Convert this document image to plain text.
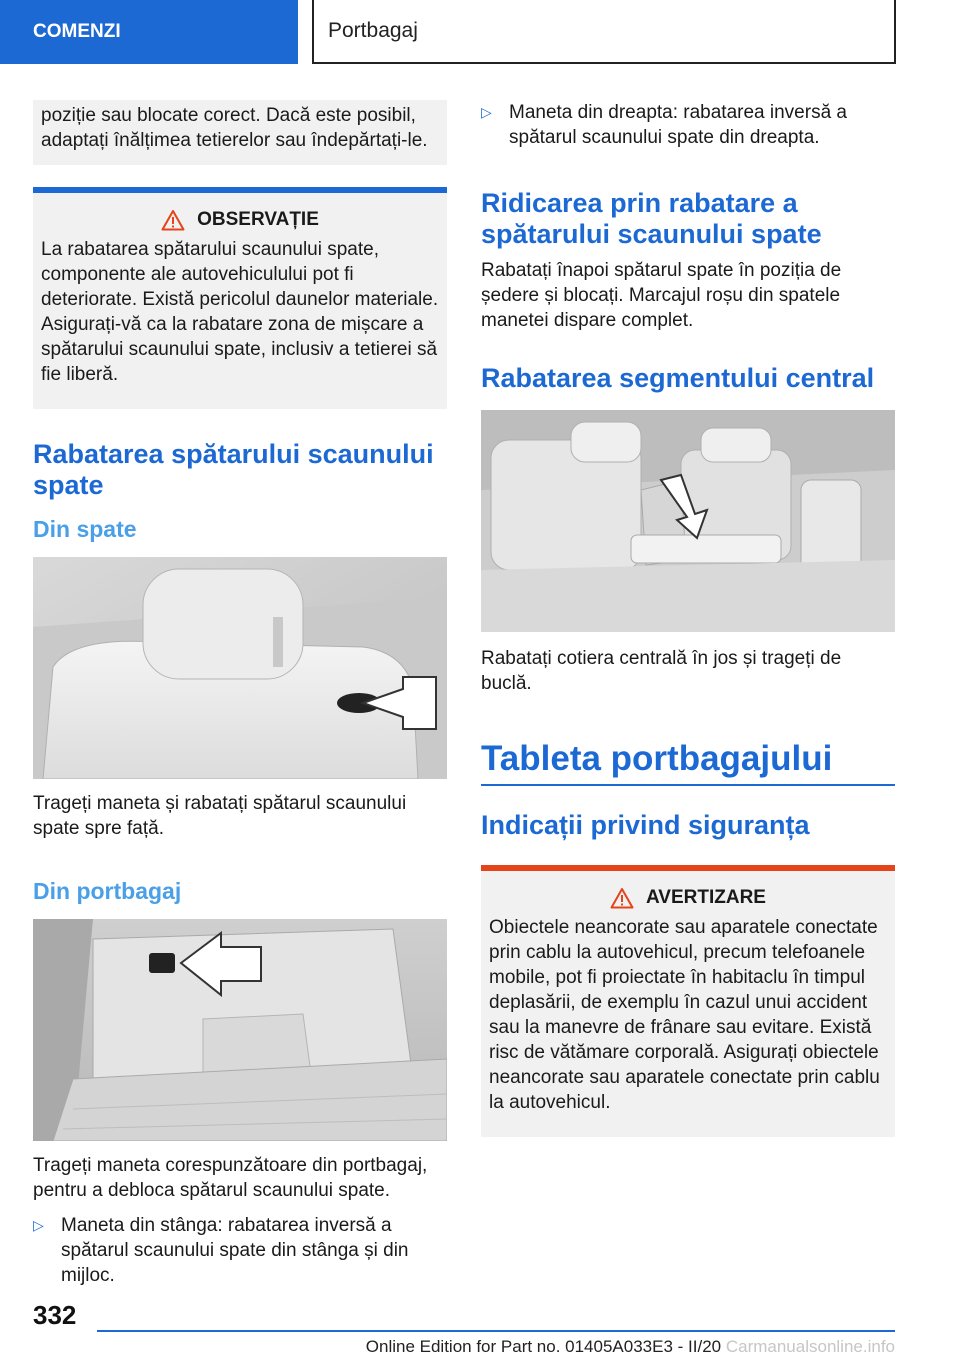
COMENZI	Portbagaj

poziție sau blocate corect. Dacă este posibil, adaptați înălțimea tetierelor sau îndepărtați-le.

OBSERVAȚIE

La rabatarea spătarului scaunului spate, componente ale autovehiculului pot fi deteriorate. Există pericolul daunelor materiale. Asigurați-vă ca la rabatare zona de mișcare a spătarului scaunului spate, inclusiv a tetierei să fie liberă.

Rabatarea spătarului scaunului spate
Din spate

Trageți maneta și rabatați spătarul scaunului spate spre față.

Din portbagaj

Trageți maneta corespunzătoare din portbagaj, pentru a debloca spătarul scaunului spate.

▷ Maneta din stânga: rabatarea inversă a spătarul scaunului spate din stânga și din mijloc.

▷ Maneta din dreapta: rabatarea inversă a spătarul scaunului spate din dreapta.

Ridicarea prin rabatare a spătarului scaunului spate

Rabatați înapoi spătarul spate în poziția de ședere și blocați. Marcajul roșu din spatele manetei dispare complet.

Rabatarea segmentului central

Rabatați cotiera centrală în jos și trageți de buclă.

Tableta portbagajului
Indicații privind siguranța
AVERTIZARE

Obiectele neancorate sau aparatele conectate prin cablu la autovehicul, precum telefoanele mobile, pot fi proiectate în habitaclu în timpul deplasării, de exemplu în cazul unui accident sau la manevre de frânare sau evitare. Există risc de vătămare corporală. Asigurați obiectele neancorate sau aparatele conectate prin cablu la autovehicul.

332
Online Edition for Part no. 01405A033E3 - II/20 Carmanualsonline.info
